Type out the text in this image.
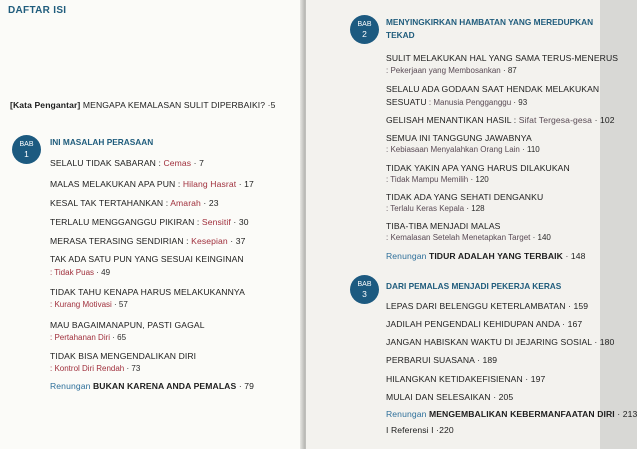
DAFTAR ISI
[Kata Pengantar] MENGAPA KEMALASAN SULIT DIPERBAIKI? ·5
BAB
1
INI MASALAH PERASAAN
SELALU TIDAK SABARAN : Cemas · 7
MALAS MELAKUKAN APA PUN : Hilang Hasrat · 17
KESAL TAK TERTAHANKAN : Amarah · 23
TERLALU MENGGANGGU PIKIRAN : Sensitif · 30
MERASA TERASING SENDIRIAN : Kesepian · 37
TAK ADA SATU PUN YANG SESUAI KEINGINAN
: Tidak Puas · 49
TIDAK TAHU KENAPA HARUS MELAKUKANNYA
: Kurang Motivasi · 57
MAU BAGAIMANAPUN, PASTI GAGAL
: Pertahanan Diri · 65
TIDAK BISA MENGENDALIKAN DIRI
: Kontrol Diri Rendah · 73
Renungan BUKAN KARENA ANDA PEMALAS · 79
BAB
2
MENYINGKIRKAN HAMBATAN YANG MEREDUPKAN
TEKAD
SULIT MELAKUKAN HAL YANG SAMA TERUS-MENERUS
: Pekerjaan yang Membosankan · 87
SELALU ADA GODAAN SAAT HENDAK MELAKUKAN
SESUATU : Manusia Pengganggu · 93
GELISAH MENANTIKAN HASIL : Sifat Tergesa-gesa · 102
SEMUA INI TANGGUNG JAWABNYA
: Kebiasaan Menyalahkan Orang Lain · 110
TIDAK YAKIN APA YANG HARUS DILAKUKAN
: Tidak Mampu Memilih · 120
TIDAK ADA YANG SEHATI DENGANKU
: Terlalu Keras Kepala · 128
TIBA-TIBA MENJADI MALAS
: Kemalasan Setelah Menetapkan Target · 140
Renungan TIDUR ADALAH YANG TERBAIK · 148
BAB
3
DARI PEMALAS MENJADI PEKERJA KERAS
LEPAS DARI BELENGGU KETERLAMBATAN · 159
JADILAH PENGENDALI KEHIDUPAN ANDA · 167
JANGAN HABISKAN WAKTU DI JEJARING SOSIAL · 180
PERBARUI SUASANA · 189
HILANGKAN KETIDAKEFISIENAN · 197
MULAI DAN SELESAIKAN · 205
Renungan MENGEMBALIKAN KEBERMANFAATAN DIRI · 213
I Referensi I ·220
